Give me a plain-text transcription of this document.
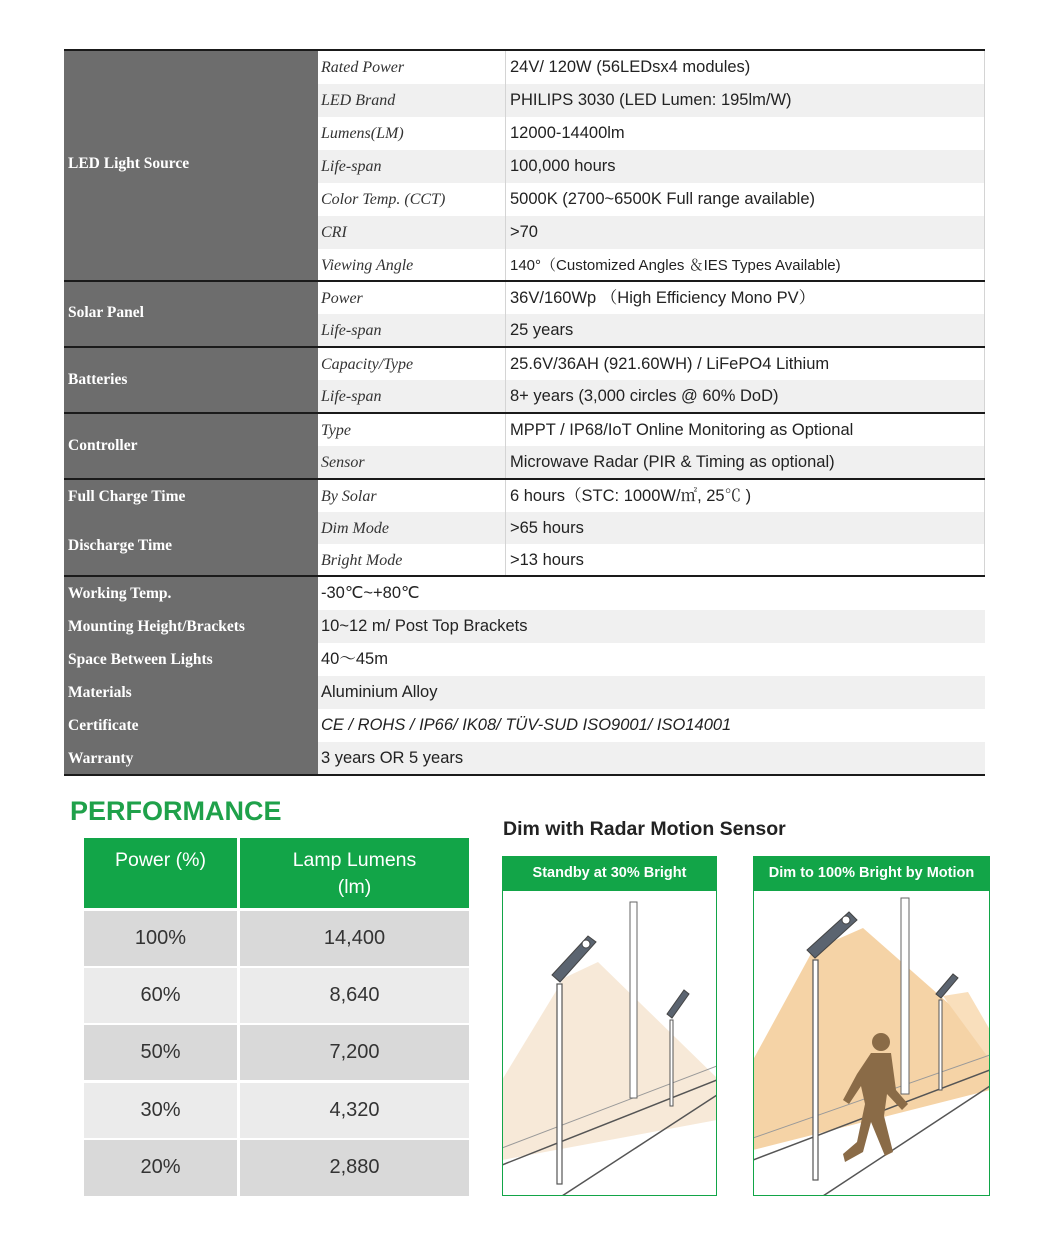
LED Light Source
Rated Power	24V/ 120W (56LEDsx4 modules)
LED Brand	PHILIPS 3030 (LED Lumen: 195lm/W)
Lumens(LM)	12000-14400lm
Life-span	100,000 hours
Color Temp. (CCT)	5000K (2700~6500K Full range available)
CRI	>70
Viewing Angle	140°（Customized Angles ＆IES Types Available)
Solar Panel
Power	36V/160Wp （High Efficiency Mono PV）
Life-span	25 years
Batteries
Capacity/Type	25.6V/36AH (921.60WH) / LiFePO4 Lithium
Life-span	8+ years (3,000 circles @ 60% DoD)
Controller
Type	MPPT / IP68/IoT Online Monitoring as Optional
Sensor	Microwave Radar (PIR & Timing as optional)
Full Charge Time
Discharge Time
By Solar	6 hours（STC: 1000W/㎡, 25℃ )
Dim Mode	>65 hours
Bright Mode	>13 hours
Working Temp.	-30℃~+80℃
Mounting Height/Brackets	10~12 m/ Post Top Brackets
Space Between Lights	40～45m
Materials	Aluminium Alloy
Certificate	CE / ROHS / IP66/ IK08/ TÜV-SUD ISO9001/ ISO14001
Warranty	3 years OR 5 years
PERFORMANCE
Power (%)	Lamp Lumens
(lm)
100%	14,400
60%	8,640
50%	7,200
30%	4,320
20%	2,880
Dim with Radar Motion Sensor
Standby at 30% Bright	Dim to 100% Bright by Motion
